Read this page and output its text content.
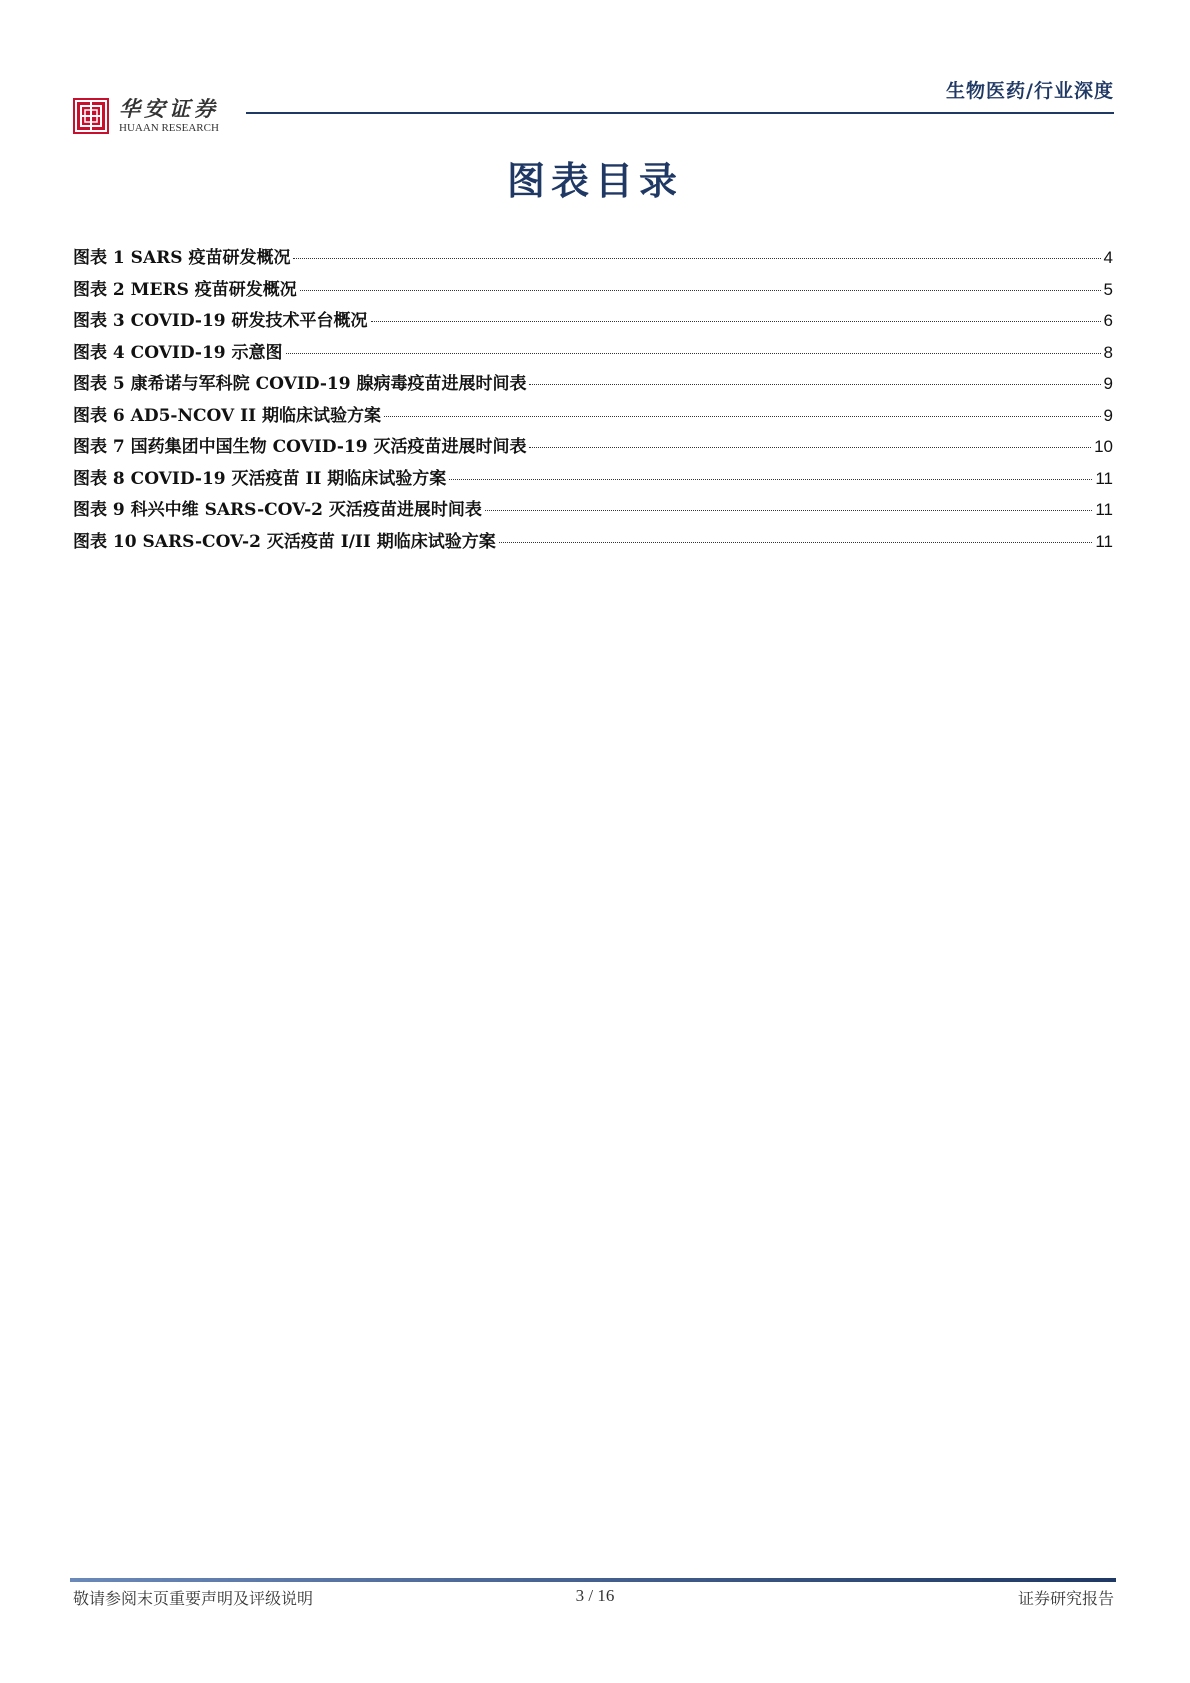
华安证券
HUAAN RESEARCH
生物医药/行业深度
图表目录
图表 1 SARS 疫苗研发概况	4
图表 2 MERS 疫苗研发概况	5
图表 3 COVID-19 研发技术平台概况	6
图表 4 COVID-19 示意图	8
图表 5 康希诺与军科院 COVID-19 腺病毒疫苗进展时间表	9
图表 6 AD5-NCOV II 期临床试验方案	9
图表 7 国药集团中国生物 COVID-19 灭活疫苗进展时间表	10
图表 8 COVID-19 灭活疫苗 II 期临床试验方案	11
图表 9 科兴中维 SARS-COV-2 灭活疫苗进展时间表	11
图表 10 SARS-COV-2 灭活疫苗 I/II 期临床试验方案	11
敬请参阅末页重要声明及评级说明	3 / 16	证券研究报告
